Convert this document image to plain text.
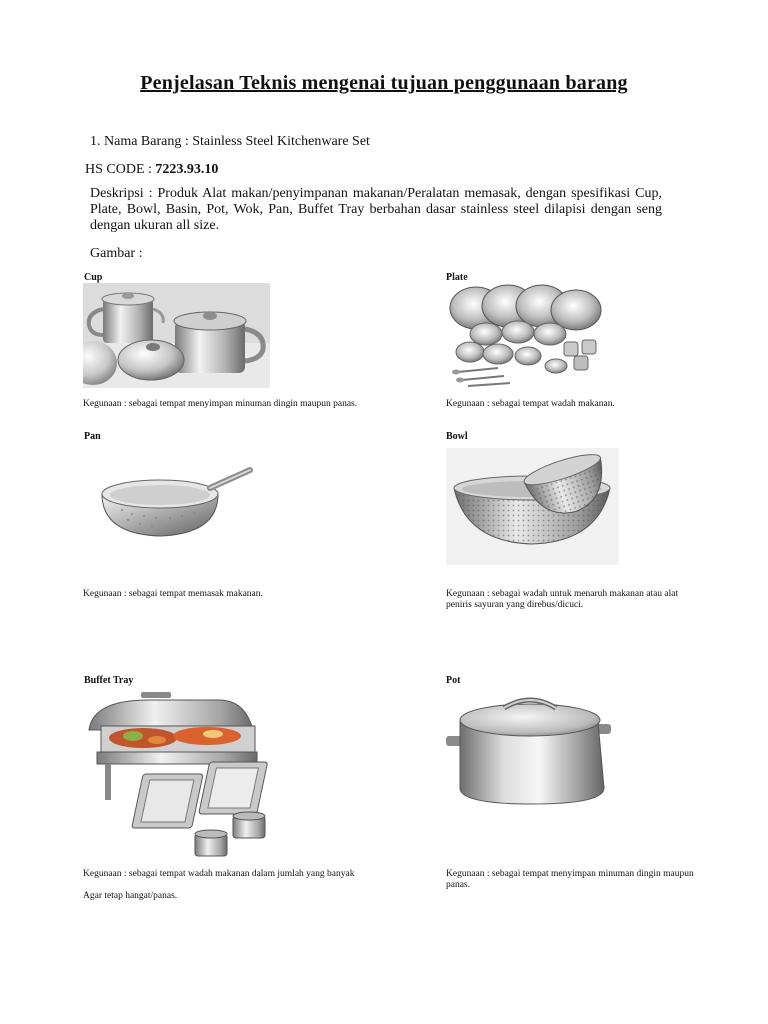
Penjelasan Teknis mengenai tujuan penggunaan barang
1. Nama Barang : Stainless Steel Kitchenware Set
HS CODE : 7223.93.10
Deskripsi : Produk Alat makan/penyimpanan makanan/Peralatan memasak, dengan spesifikasi Cup, Plate, Bowl, Basin, Pot, Wok, Pan, Buffet Tray berbahan dasar stainless steel dilapisi dengan seng dengan ukuran all size.
Gambar :
Cup
Kegunaan : sebagai tempat menyimpan minuman dingin maupun panas.
Plate
Kegunaan : sebagai tempat wadah makanan.
Pan
Kegunaan : sebagai tempat memasak makanan.
Bowl
Kegunaan : sebagai wadah untuk menaruh makanan atau alat peniris sayuran yang direbus/dicuci.
Buffet Tray
Kegunaan : sebagai tempat wadah makanan dalam jumlah yang banyak
Agar tetap hangat/panas.
Pot
Kegunaan : sebagai tempat menyimpan minuman dingin maupun panas.
